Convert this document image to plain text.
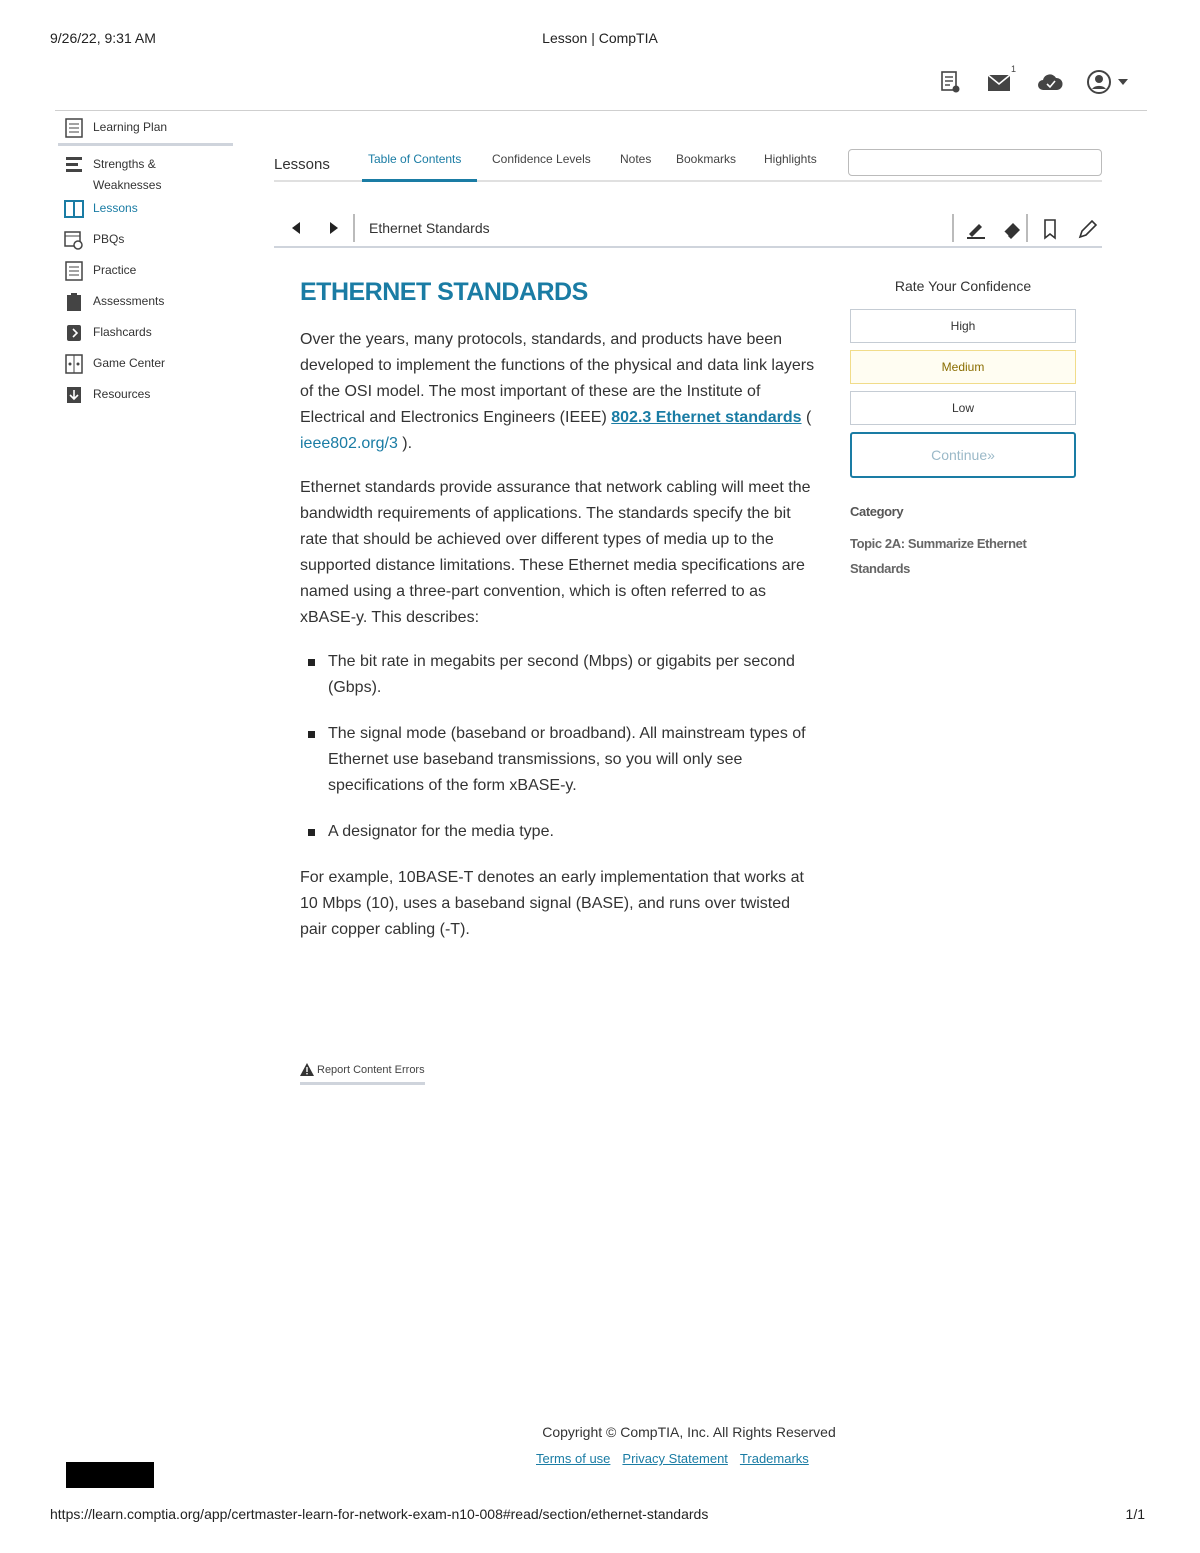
9/26/22, 9:31 AM	Lesson | CompTIA
1
Learning Plan
Strengths & Weaknesses
Lessons
PBQs
Practice
Assessments
Flashcards
Game Center
Resources
Lessons	Table of Contents	Confidence Levels Notes Bookmarks Highlights
Ethernet Standards
ETHERNET STANDARDS

Over the years, many protocols, standards, and products have been developed to implement the functions of the physical and data link layers of the OSI model. The most important of these are the Institute of Electrical and Electronics Engineers (IEEE) 802.3 Ethernet standards ( ieee802.org/3 ).

Ethernet standards provide assurance that network cabling will meet the bandwidth requirements of applications. The standards specify the bit rate that should be achieved over different types of media up to the supported distance limitations. These Ethernet media specifications are named using a three-part convention, which is often referred to as xBASE-y. This describes:

The bit rate in megabits per second (Mbps) or gigabits per second (Gbps).
The signal mode (baseband or broadband). All mainstream types of Ethernet use baseband transmissions, so you will only see specifications of the form xBASE-y.
A designator for the media type.

For example, 10BASE-T denotes an early implementation that works at 10 Mbps (10), uses a baseband signal (BASE), and runs over twisted pair copper cabling (-T).

Report Content Errors
Rate Your Confidence
High
Medium
Low
Continue»
Category
Topic 2A: Summarize Ethernet Standards
Copyright © CompTIA, Inc. All Rights Reserved
Terms of use Privacy Statement Trademarks
https://learn.comptia.org/app/certmaster-learn-for-network-exam-n10-008#read/section/ethernet-standards	1/1
